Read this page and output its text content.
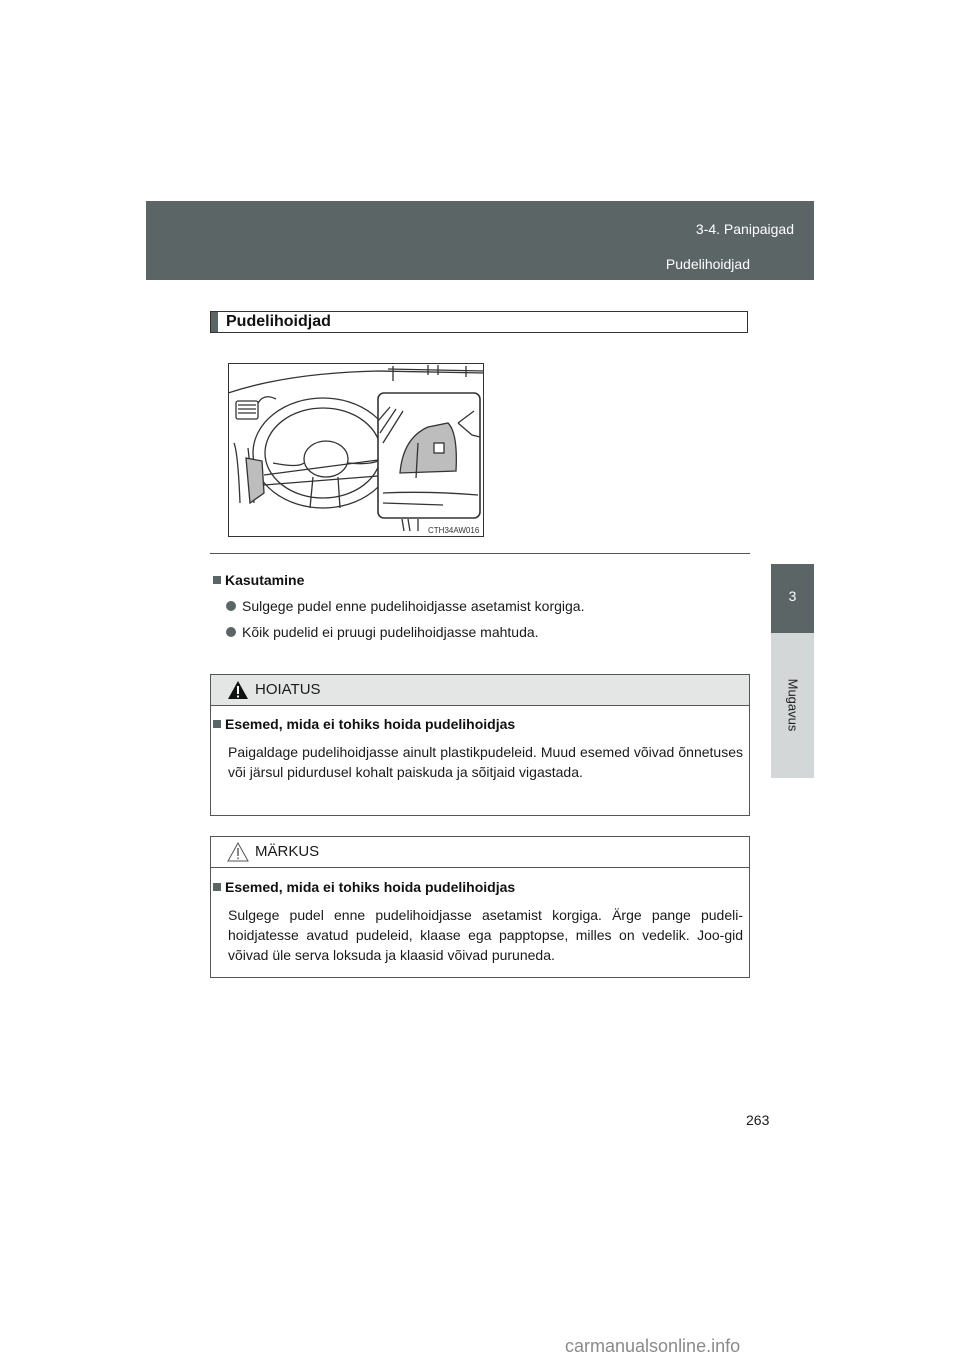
3-4. Panipaigad
Pudelihoidjad
3
Mugavus
Pudelihoidjad
CTH34AW016
Kasutamine
Sulgege pudel enne pudelihoidjasse asetamist korgiga.
Kõik pudelid ei pruugi pudelihoidjasse mahtuda.
HOIATUS
Esemed, mida ei tohiks hoida pudelihoidjas
Paigaldage pudelihoidjasse ainult plastikpudeleid. Muud esemed võivad õnnetuses või järsul pidurdusel kohalt paiskuda ja sõitjaid vigastada.
MÄRKUS
Esemed, mida ei tohiks hoida pudelihoidjas
Sulgege pudel enne pudelihoidjasse asetamist korgiga. Ärge pange pudeli-hoidjatesse avatud pudeleid, klaase ega papptopse, milles on vedelik. Joo-gid võivad üle serva loksuda ja klaasid võivad puruneda.
263
carmanualsonline.info
